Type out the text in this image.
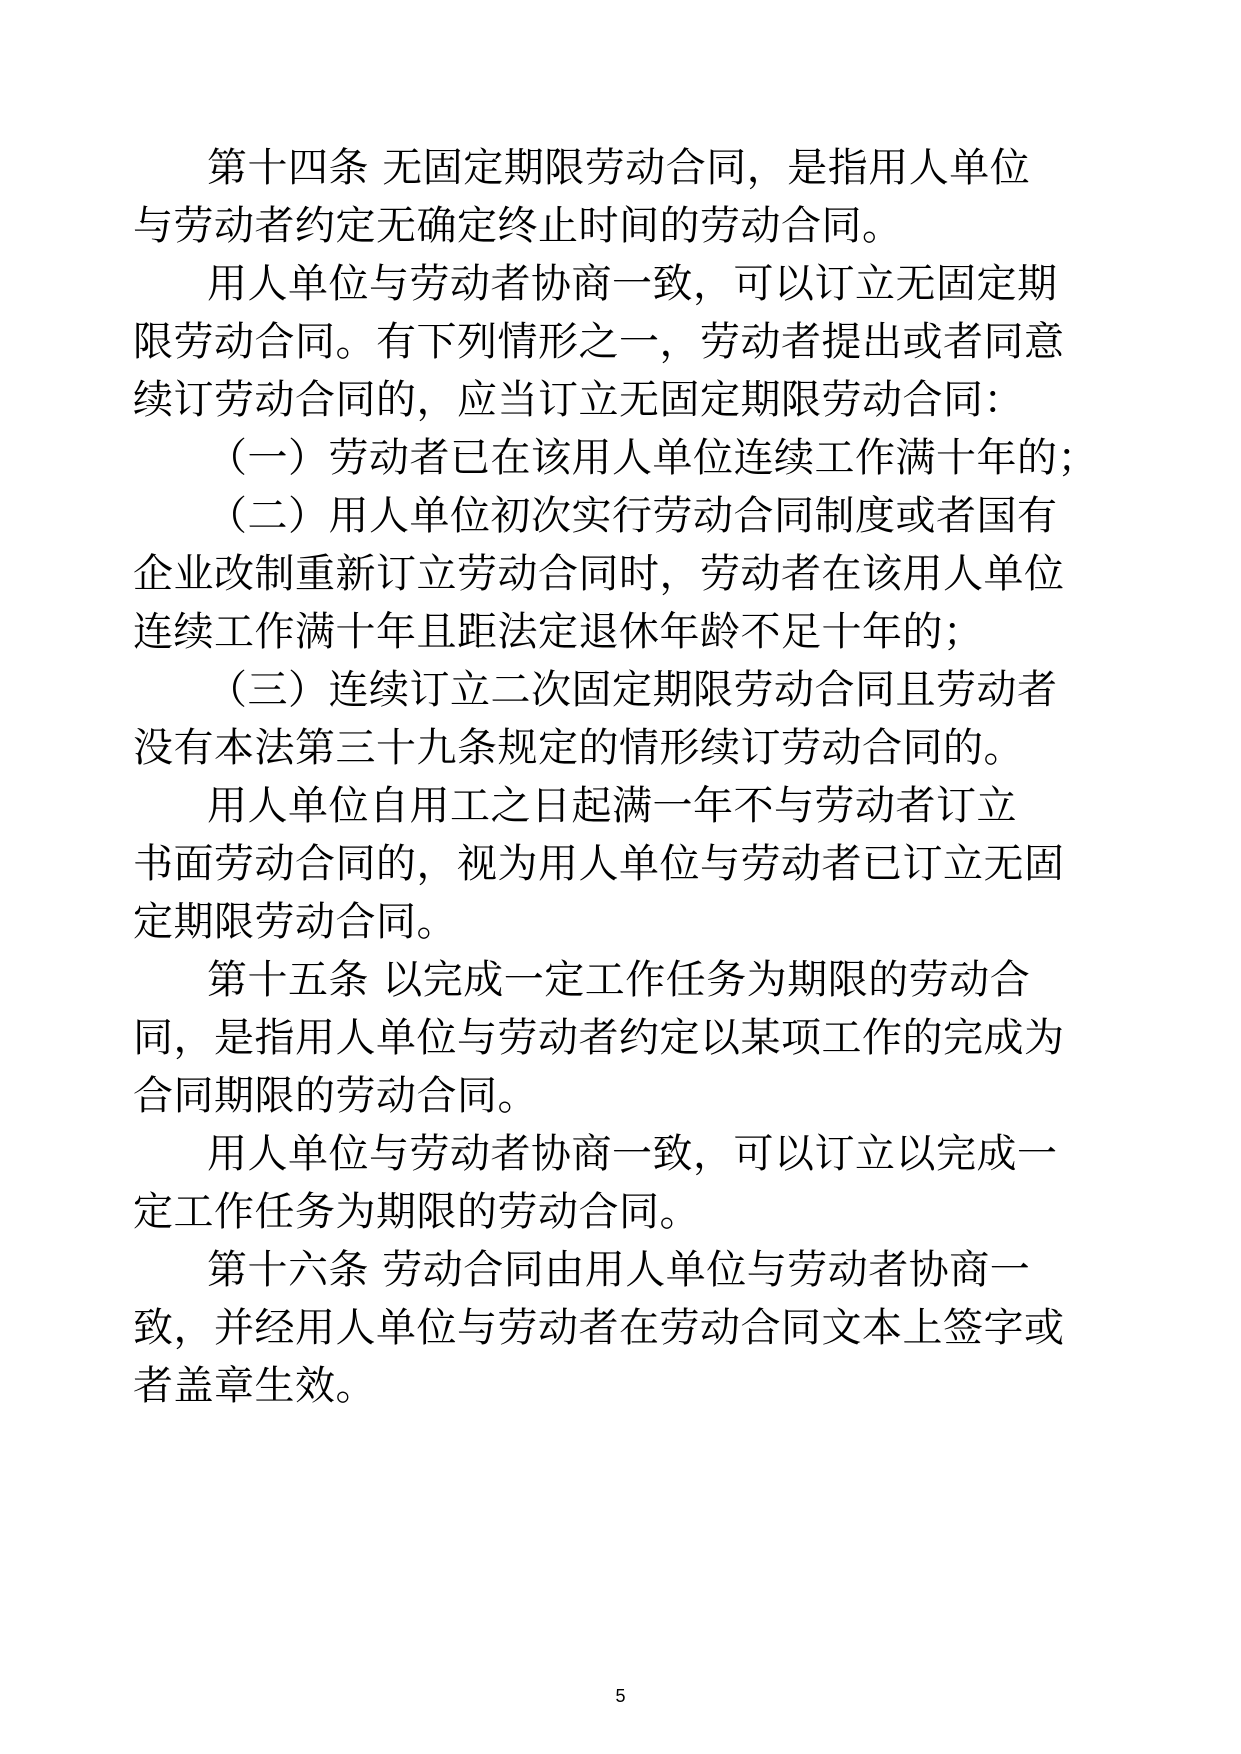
第十四条 无固定期限劳动合同，是指用人单位
与劳动者约定无确定终止时间的劳动合同。
用人单位与劳动者协商一致，可以订立无固定期
限劳动合同。有下列情形之一，劳动者提出或者同意
续订劳动合同的，应当订立无固定期限劳动合同：
（一）劳动者已在该用人单位连续工作满十年的；
（二）用人单位初次实行劳动合同制度或者国有
企业改制重新订立劳动合同时，劳动者在该用人单位
连续工作满十年且距法定退休年龄不足十年的；
（三）连续订立二次固定期限劳动合同且劳动者
没有本法第三十九条规定的情形续订劳动合同的。
用人单位自用工之日起满一年不与劳动者订立
书面劳动合同的，视为用人单位与劳动者已订立无固
定期限劳动合同。
第十五条 以完成一定工作任务为期限的劳动合
同，是指用人单位与劳动者约定以某项工作的完成为
合同期限的劳动合同。
用人单位与劳动者协商一致，可以订立以完成一
定工作任务为期限的劳动合同。
第十六条 劳动合同由用人单位与劳动者协商一
致，并经用人单位与劳动者在劳动合同文本上签字或
者盖章生效。
5
